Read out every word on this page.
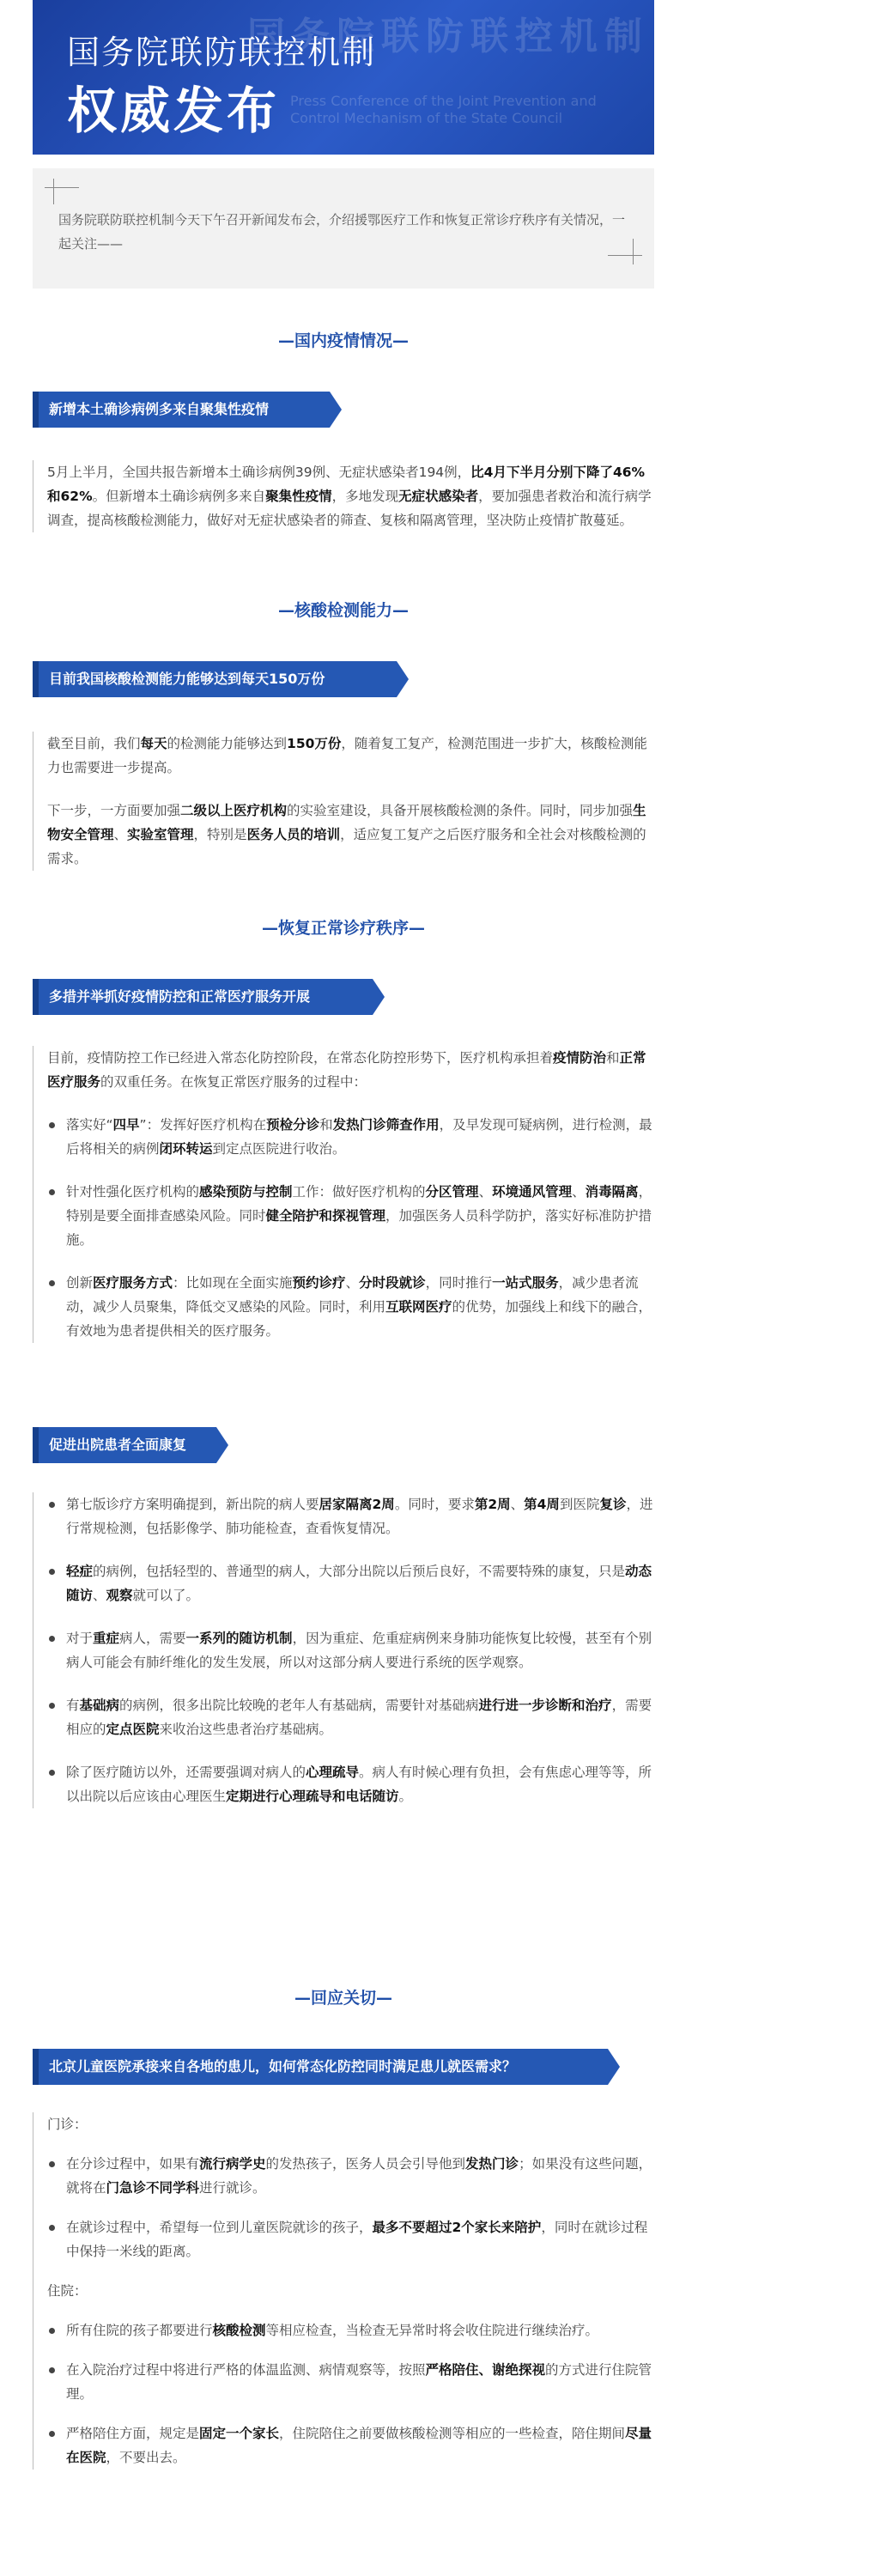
国务院联防联控机制 新闻发布会
Press Conference of the Joint Prevention and
Control Mechanism of the State Council
国务院联防联控机制
权威发布

国务院联防联控机制今天下午召开新闻发布会，介绍援鄂医疗工作和恢复正常诊疗秩序有关情况，一起关注——

—国内疫情情况—
新增本土确诊病例多来自聚集性疫情

5月上半月，全国共报告新增本土确诊病例39例、无症状感染者194例，比4月下半月分别下降了46%和62%。但新增本土确诊病例多来自聚集性疫情，多地发现无症状感染者，要加强患者救治和流行病学调查，提高核酸检测能力，做好对无症状感染者的筛查、复核和隔离管理，坚决防止疫情扩散蔓延。

—核酸检测能力—
目前我国核酸检测能力能够达到每天150万份

截至目前，我们每天的检测能力能够达到150万份，随着复工复产，检测范围进一步扩大，核酸检测能力也需要进一步提高。

下一步，一方面要加强二级以上医疗机构的实验室建设，具备开展核酸检测的条件。同时，同步加强生物安全管理、实验室管理，特别是医务人员的培训，适应复工复产之后医疗服务和全社会对核酸检测的需求。

—恢复正常诊疗秩序—
多措并举抓好疫情防控和正常医疗服务开展

目前，疫情防控工作已经进入常态化防控阶段，在常态化防控形势下，医疗机构承担着疫情防治和正常医疗服务的双重任务。在恢复正常医疗服务的过程中：

落实好“四早”：发挥好医疗机构在预检分诊和发热门诊筛查作用，及早发现可疑病例，进行检测，最后将相关的病例闭环转运到定点医院进行收治。
针对性强化医疗机构的感染预防与控制工作：做好医疗机构的分区管理、环境通风管理、消毒隔离，特别是要全面排查感染风险。同时健全陪护和探视管理，加强医务人员科学防护，落实好标准防护措施。
创新医疗服务方式：比如现在全面实施预约诊疗、分时段就诊，同时推行一站式服务，减少患者流动，减少人员聚集，降低交叉感染的风险。同时，利用互联网医疗的优势，加强线上和线下的融合，有效地为患者提供相关的医疗服务。
促进出院患者全面康复
第七版诊疗方案明确提到，新出院的病人要居家隔离2周。同时，要求第2周、第4周到医院复诊，进行常规检测，包括影像学、肺功能检查，查看恢复情况。
轻症的病例，包括轻型的、普通型的病人，大部分出院以后预后良好，不需要特殊的康复，只是动态随访、观察就可以了。
对于重症病人，需要一系列的随访机制，因为重症、危重症病例来身肺功能恢复比较慢，甚至有个别病人可能会有肺纤维化的发生发展，所以对这部分病人要进行系统的医学观察。
有基础病的病例，很多出院比较晚的老年人有基础病，需要针对基础病进行进一步诊断和治疗，需要相应的定点医院来收治这些患者治疗基础病。
除了医疗随访以外，还需要强调对病人的心理疏导。病人有时候心理有负担，会有焦虑心理等等，所以出院以后应该由心理医生定期进行心理疏导和电话随访。
—回应关切—
北京儿童医院承接来自各地的患儿，如何常态化防控同时满足患儿就医需求？

门诊：

在分诊过程中，如果有流行病学史的发热孩子，医务人员会引导他到发热门诊；如果没有这些问题，就将在门急诊不同学科进行就诊。
在就诊过程中，希望每一位到儿童医院就诊的孩子，最多不要超过2个家长来陪护，同时在就诊过程中保持一米线的距离。

住院：

所有住院的孩子都要进行核酸检测等相应检查，当检查无异常时将会收住院进行继续治疗。
在入院治疗过程中将进行严格的体温监测、病情观察等，按照严格陪住、谢绝探视的方式进行住院管理。
严格陪住方面，规定是固定一个家长，住院陪住之前要做核酸检测等相应的一些检查，陪住期间尽量在医院，不要出去。
